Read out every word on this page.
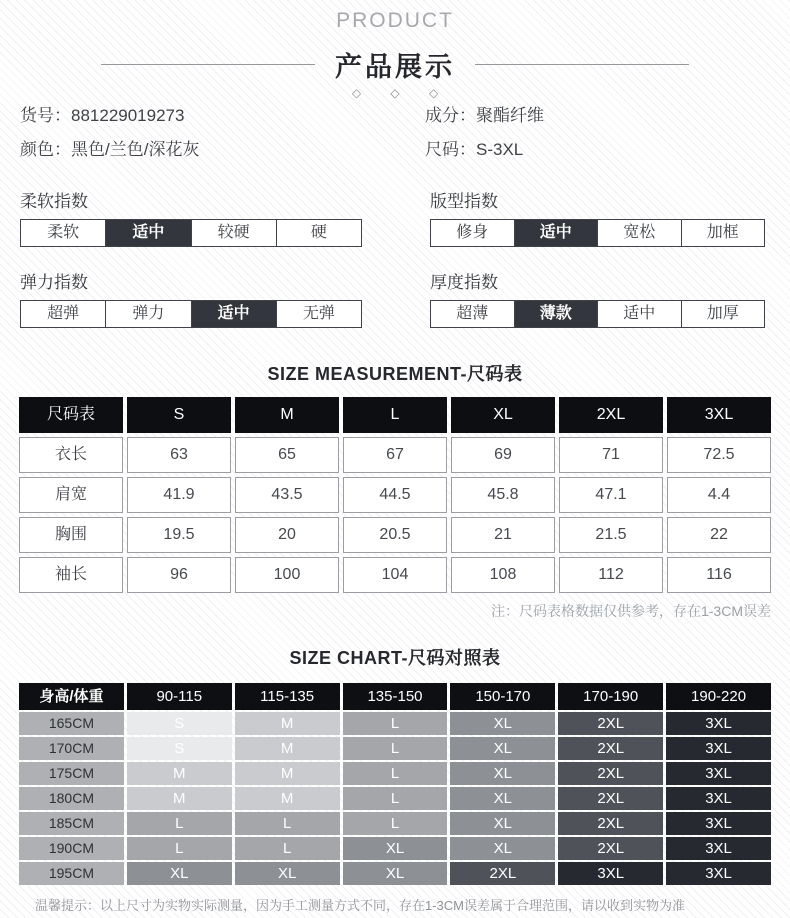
PRODUCT
产品展示
◇ ◇ ◇
货号：881229019273	成分：聚酯纤维
颜色：黑色/兰色/深花灰	尺码：S-3XL
柔软指数
柔软	适中	较硬	硬
版型指数
修身	适中	宽松	加框
弹力指数
超弹	弹力	适中	无弹
厚度指数
超薄	薄款	适中	加厚
SIZE MEASUREMENT-尺码表
尺码表	S	M	L	XL	2XL	3XL
衣长	63	65	67	69	71	72.5
肩宽	41.9	43.5	44.5	45.8	47.1	4.4
胸围	19.5	20	20.5	21	21.5	22
袖长	96	100	104	108	112	116
注：尺码表格数据仅供参考，存在1-3CM误差
SIZE CHART-尺码对照表
身高/体重	90-115	115-135	135-150	150-170	170-190	190-220
165CM	S	M	L	XL	2XL	3XL
170CM	S	M	L	XL	2XL	3XL
175CM	M	M	L	XL	2XL	3XL
180CM	M	M	L	XL	2XL	3XL
185CM	L	L	L	XL	2XL	3XL
190CM	L	L	XL	XL	2XL	3XL
195CM	XL	XL	XL	2XL	3XL	3XL
温馨提示：以上尺寸为实物实际测量，因为手工测量方式不同，存在1-3CM误差属于合理范围，请以收到实物为准
